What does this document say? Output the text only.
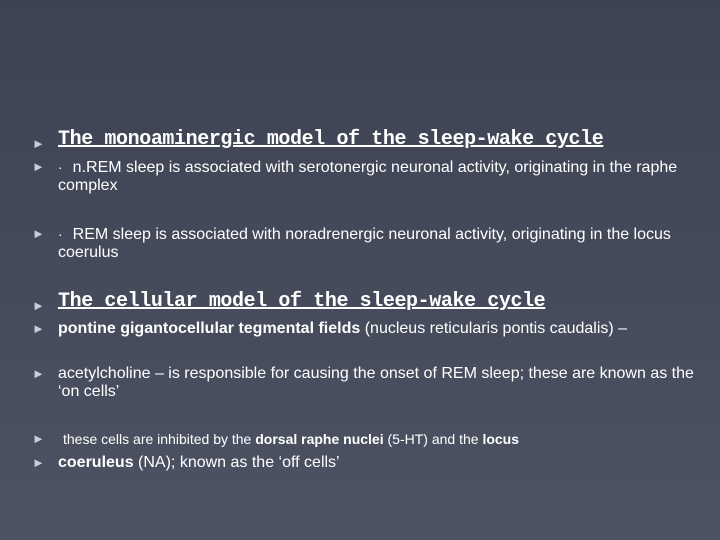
► The monoaminergic model of the sleep-wake cycle
► · n.REM sleep is associated with serotonergic neuronal activity, originating in the raphe complex
► · REM sleep is associated with noradrenergic neuronal activity, originating in the locus coerulus
► The cellular model of the sleep-wake cycle
► pontine gigantocellular tegmental fields (nucleus reticularis pontis caudalis) –
► acetylcholine – is responsible for causing the onset of REM sleep; these are known as the ‘on cells’
► these cells are inhibited by the dorsal raphe nuclei (5-HT) and the locus
► coeruleus (NA); known as the ‘off cells’
